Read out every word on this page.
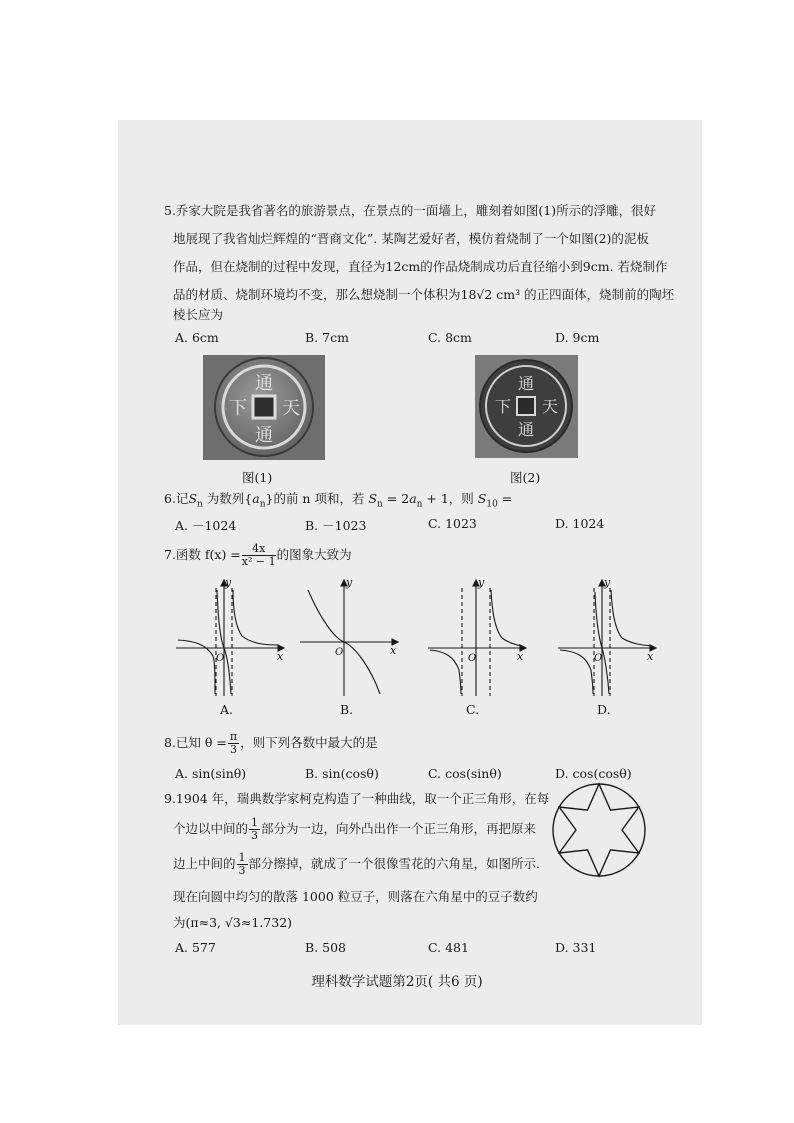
5.乔家大院是我省著名的旅游景点，在景点的一面墙上，雕刻着如图(1)所示的浮雕，很好
地展现了我省灿烂辉煌的“晋商文化”. 某陶艺爱好者，模仿着烧制了一个如图(2)的泥板
作品，但在烧制的过程中发现，直径为12cm的作品烧制成功后直径缩小到9cm. 若烧制作
品的材质、烧制环境均不变，那么想烧制一个体积为18√2 cm³ 的正四面体，烧制前的陶坯
棱长应为
A. 6cm	B. 7cm	C. 8cm	D. 9cm
通
下 天
通
图(1)
通
下 天
通
图(2)
6.记$S_n$ 为数列$\{a_n\}$的前 n 项和，若 $S_n = 2a_n + 1$，则 $S_{10}$ =
A. －1024	B. －1023	C. 1023	D. 1024
7.函数 $f(x) = \frac{4x}{\text{x² − 1}}$ 的图象大致为
y
x
O
A.
y
x
O
B.
y
x
O
C.
y
x
O
D.
8.已知 $\theta = \frac{\pi}{3}$ ，则下列各数中最大的是
A. sin(sinθ)	B. sin(cosθ)	C. cos(sinθ)	D. cos(cosθ)
9.1904 年，瑞典数学家柯克构造了一种曲线，取一个正三角形，在每
个边以中间的 $\frac{1}{3}$ 部分为一边，向外凸出作一个正三角形，再把原来
边上中间的 $\frac{1}{3}$ 部分擦掉，就成了一个很像雪花的六角星，如图所示.
现在向圆中均匀的散落 1000 粒豆子，则落在六角星中的豆子数约
为(π≈3, √3≈1.732)
A. 577	B. 508	C. 481	D. 331
理科数学试题第2页( 共6 页)
